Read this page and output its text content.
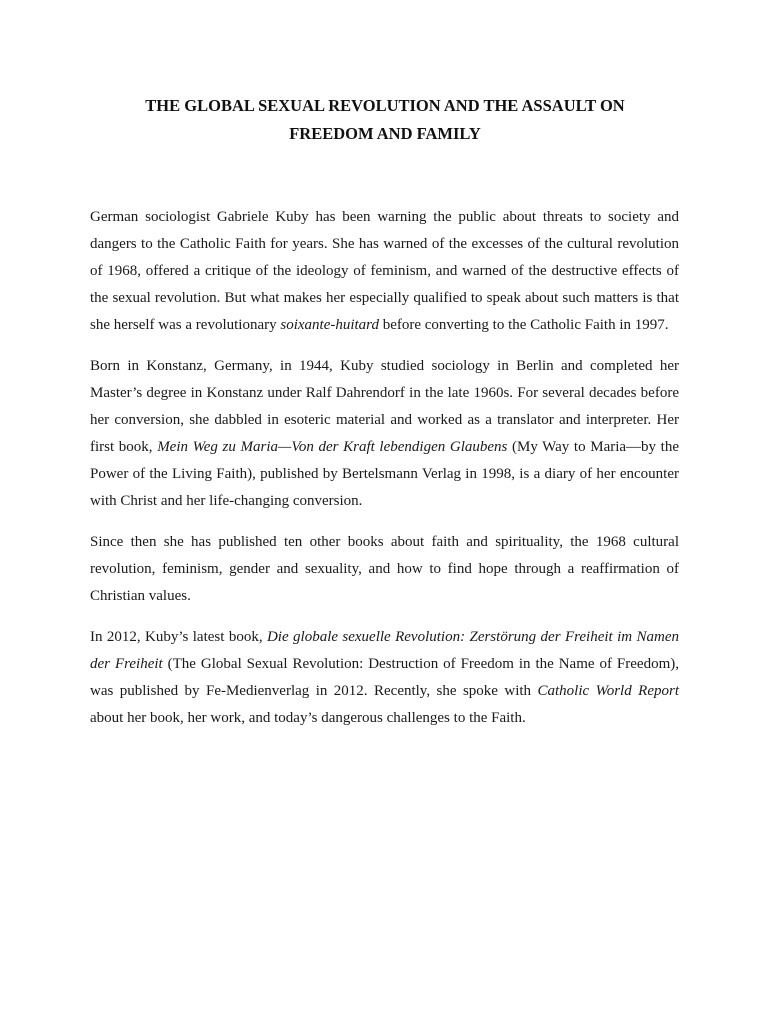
THE GLOBAL SEXUAL REVOLUTION AND THE ASSAULT ON
FREEDOM AND FAMILY

German sociologist Gabriele Kuby has been warning the public about threats to society and dangers to the Catholic Faith for years. She has warned of the excesses of the cultural revolution of 1968, offered a critique of the ideology of feminism, and warned of the destructive effects of the sexual revolution. But what makes her especially qualified to speak about such matters is that she herself was a revolutionary soixante-huitard before converting to the Catholic Faith in 1997.

Born in Konstanz, Germany, in 1944, Kuby studied sociology in Berlin and completed her Master’s degree in Konstanz under Ralf Dahrendorf in the late 1960s. For several decades before her conversion, she dabbled in esoteric material and worked as a translator and interpreter. Her first book, Mein Weg zu Maria—Von der Kraft lebendigen Glaubens (My Way to Maria—by the Power of the Living Faith), published by Bertelsmann Verlag in 1998, is a diary of her encounter with Christ and her life-changing conversion.

Since then she has published ten other books about faith and spirituality, the 1968 cultural revolution, feminism, gender and sexuality, and how to find hope through a reaffirmation of Christian values.

In 2012, Kuby’s latest book, Die globale sexuelle Revolution: Zerstörung der Freiheit im Namen der Freiheit (The Global Sexual Revolution: Destruction of Freedom in the Name of Freedom), was published by Fe-Medienverlag in 2012. Recently, she spoke with Catholic World Report about her book, her work, and today’s dangerous challenges to the Faith.
